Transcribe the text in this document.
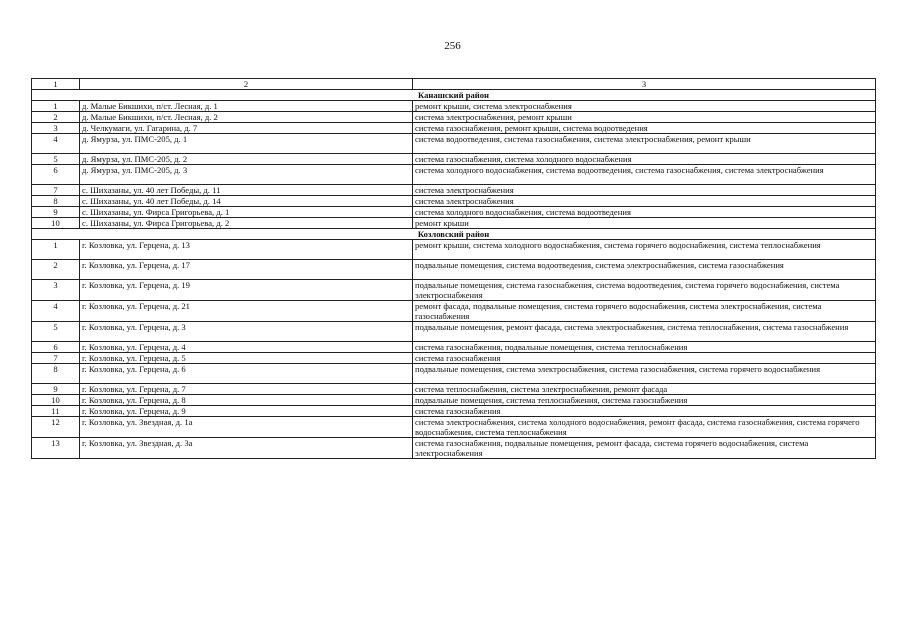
256
1	2	3
Канашский район		
1	д. Малые Бикшихи, п/ст. Лесная, д. 1	ремонт крыши, система электроснабжения
2	д. Малые Бикшихи, п/ст. Лесная, д. 2	система электроснабжения, ремонт крыши
3	д. Челкумаги, ул. Гагарина, д. 7	система газоснабжения, ремонт крыши, система водоотведения
4	д. Ямурза, ул. ПМС-205, д. 1	система водоотведения, система газоснабжения, система электроснабжения, ремонт крыши
5	д. Ямурза, ул. ПМС-205, д. 2	система газоснабжения, система холодного водоснабжения
6	д. Ямурза, ул. ПМС-205, д. 3	система холодного водоснабжения, система водоотведения, система газоснабжения, система электроснабжения
7	с. Шихазаны, ул. 40 лет Победы, д. 11	система электроснабжения
8	с. Шихазаны, ул. 40 лет Победы, д. 14	система электроснабжения
9	с. Шихазаны, ул. Фирса Григорьева, д. 1	система холодного водоснабжения, система водоотведения
10	с. Шихазаны, ул. Фирса Григорьева, д. 2	ремонт крыши
Козловский район		
1	г. Козловка, ул. Герцена, д. 13	ремонт крыши, система холодного водоснабжения, система горячего водоснабжения, система теплоснабжения
2	г. Козловка, ул. Герцена, д. 17	подвальные помещения, система водоотведения, система электроснабжения, система газоснабжения
3	г. Козловка, ул. Герцена, д. 19	подвальные помещения, система газоснабжения, система водоотведения, система горячего водоснабжения, система электроснабжения
4	г. Козловка, ул. Герцена, д. 21	ремонт фасада, подвальные помещения, система горячего водоснабжения, система электроснабжения, система газоснабжения
5	г. Козловка, ул. Герцена, д. 3	подвальные помещения, ремонт фасада, система электроснабжения, система теплоснабжения, система газоснабжения
6	г. Козловка, ул. Герцена, д. 4	система газоснабжения, подвальные помещения, система теплоснабжения
7	г. Козловка, ул. Герцена, д. 5	система газоснабжения
8	г. Козловка, ул. Герцена, д. 6	подвальные помещения, система электроснабжения, система газоснабжения, система горячего водоснабжения
9	г. Козловка, ул. Герцена, д. 7	система теплоснабжения, система электроснабжения, ремонт фасада
10	г. Козловка, ул. Герцена, д. 8	подвальные помещения, система теплоснабжения, система газоснабжения
11	г. Козловка, ул. Герцена, д. 9	система газоснабжения
12	г. Козловка, ул. Звездная, д. 1а	система электроснабжения, система холодного водоснабжения, ремонт фасада, система газоснабжения, система горячего водоснабжения, система теплоснабжения
13	г. Козловка, ул. Звездная, д. 3а	система газоснабжения, подвальные помещения, ремонт фасада, система горячего водоснабжения, система электроснабжения
